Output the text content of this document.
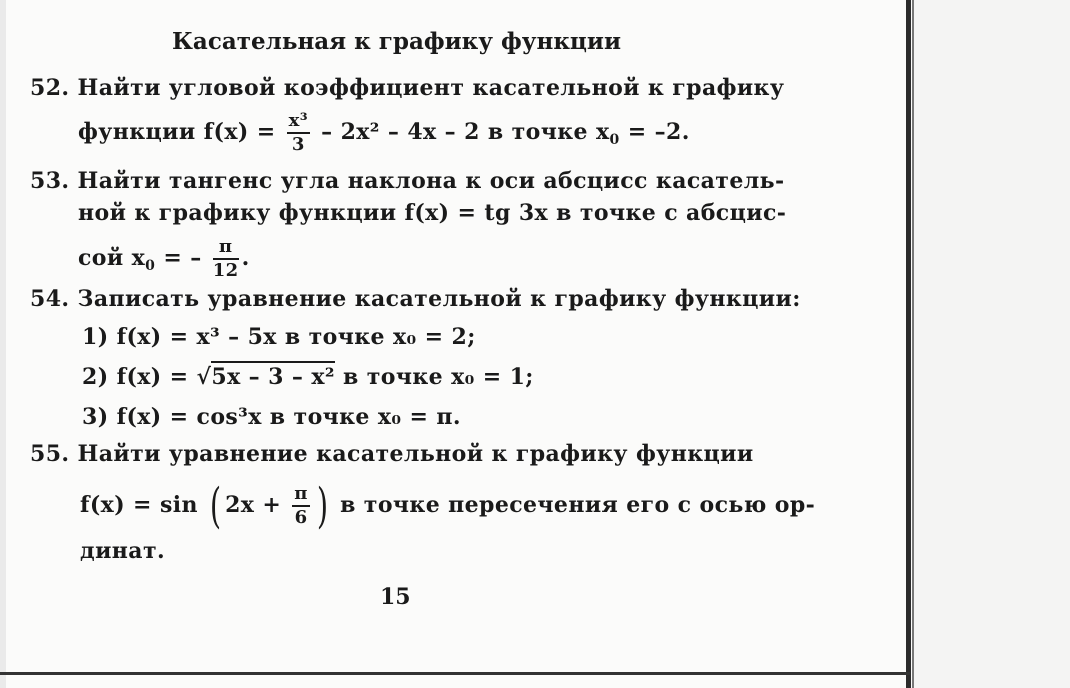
Касательная к графику функции
52. Найти угловой коэффициент касательной к графику
функции $f(x) = \frac{\text{x³}}{3} - 2x^2 - 4x - 2$ в точке $x_0 = -2$.
53. Найти тангенс угла наклона к оси абсцисс касатель-
ной к графику функции f(x) = tg 3x в точке с абсцис-
сой $x_0$ = – $\frac{\pi}{12}$ .
54. Записать уравнение касательной к графику функции:
1) f(x) = x³ – 5x в точке x₀ = 2;
2) f(x) = √5x – 3 – x² в точке x₀ = 1;
3) f(x) = cos³x в точке x₀ = π.
55. Найти уравнение касательной к графику функции
f(x) = sin ( $2x + \frac{\pi}{6}$ ) в точке пересечения его с осью ор-
динат.
15
